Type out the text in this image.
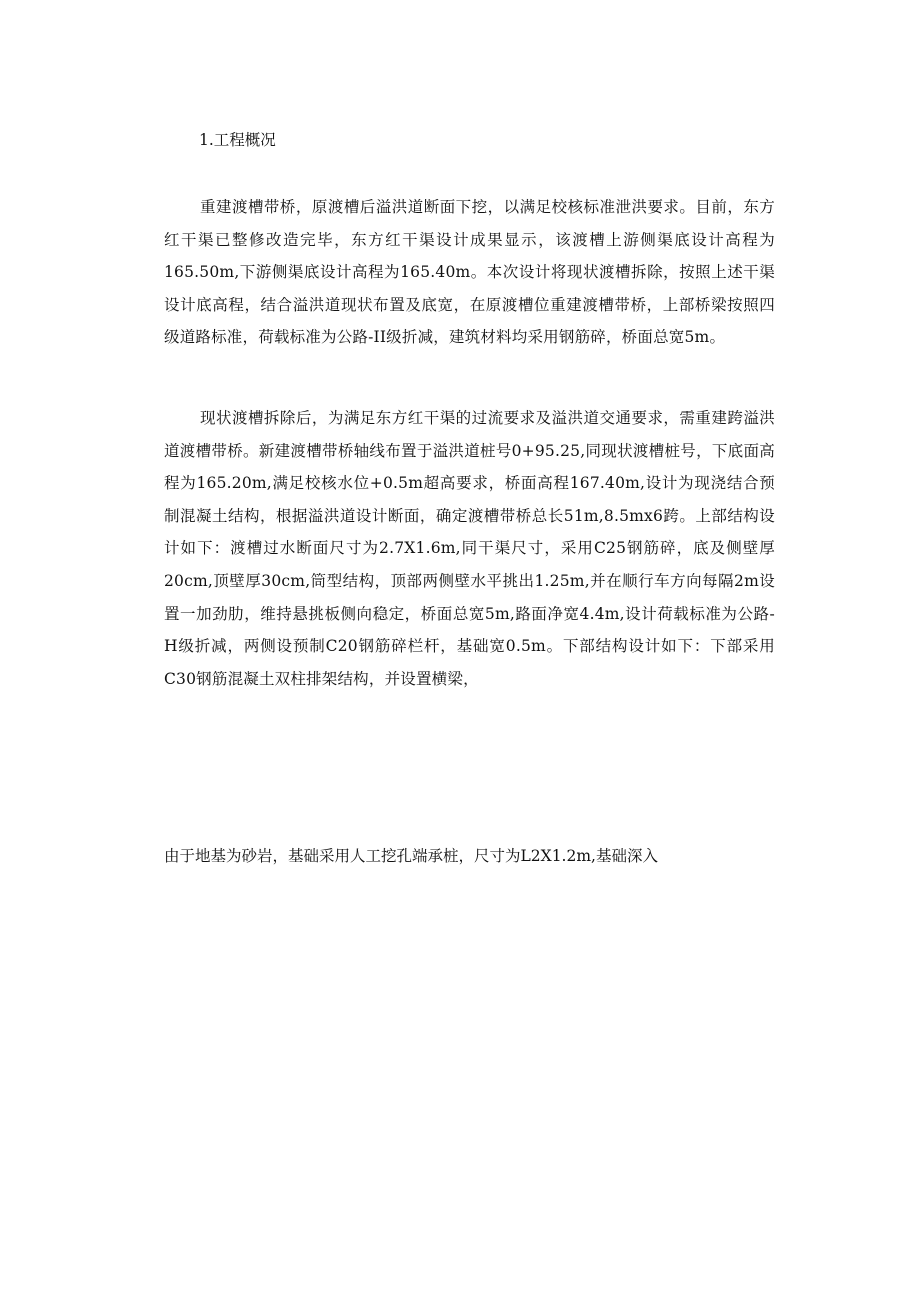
1.工程概况

重建渡槽带桥，原渡槽后溢洪道断面下挖，以满足校核标准泄洪要求。目前，东方红干渠已整修改造完毕，东方红干渠设计成果显示，该渡槽上游侧渠底设计高程为165.50m,下游侧渠底设计高程为165.40m。本次设计将现状渡槽拆除，按照上述干渠设计底高程，结合溢洪道现状布置及底宽，在原渡槽位重建渡槽带桥，上部桥梁按照四级道路标准，荷载标准为公路-II级折减，建筑材料均采用钢筋碎，桥面总宽5m。

现状渡槽拆除后，为满足东方红干渠的过流要求及溢洪道交通要求，需重建跨溢洪道渡槽带桥。新建渡槽带桥轴线布置于溢洪道桩号0+95.25,同现状渡槽桩号，下底面高程为165.20m,满足校核水位+0.5m超高要求，桥面高程167.40m,设计为现浇结合预制混凝土结构，根据溢洪道设计断面，确定渡槽带桥总长51m,8.5mx6跨。上部结构设计如下：渡槽过水断面尺寸为2.7X1.6m,同干渠尺寸，采用C25钢筋碎，底及侧壁厚20cm,顶壁厚30cm,筒型结构，顶部两侧壁水平挑出1.25m,并在顺行车方向每隔2m设置一加劲肋，维持悬挑板侧向稳定，桥面总宽5m,路面净宽4.4m,设计荷载标准为公路-H级折减，两侧设预制C20钢筋碎栏杆，基础宽0.5m。下部结构设计如下：下部采用C30钢筋混凝土双柱排架结构，并设置横梁，

由于地基为砂岩，基础采用人工挖孔端承桩，尺寸为L2X1.2m,基础深入
